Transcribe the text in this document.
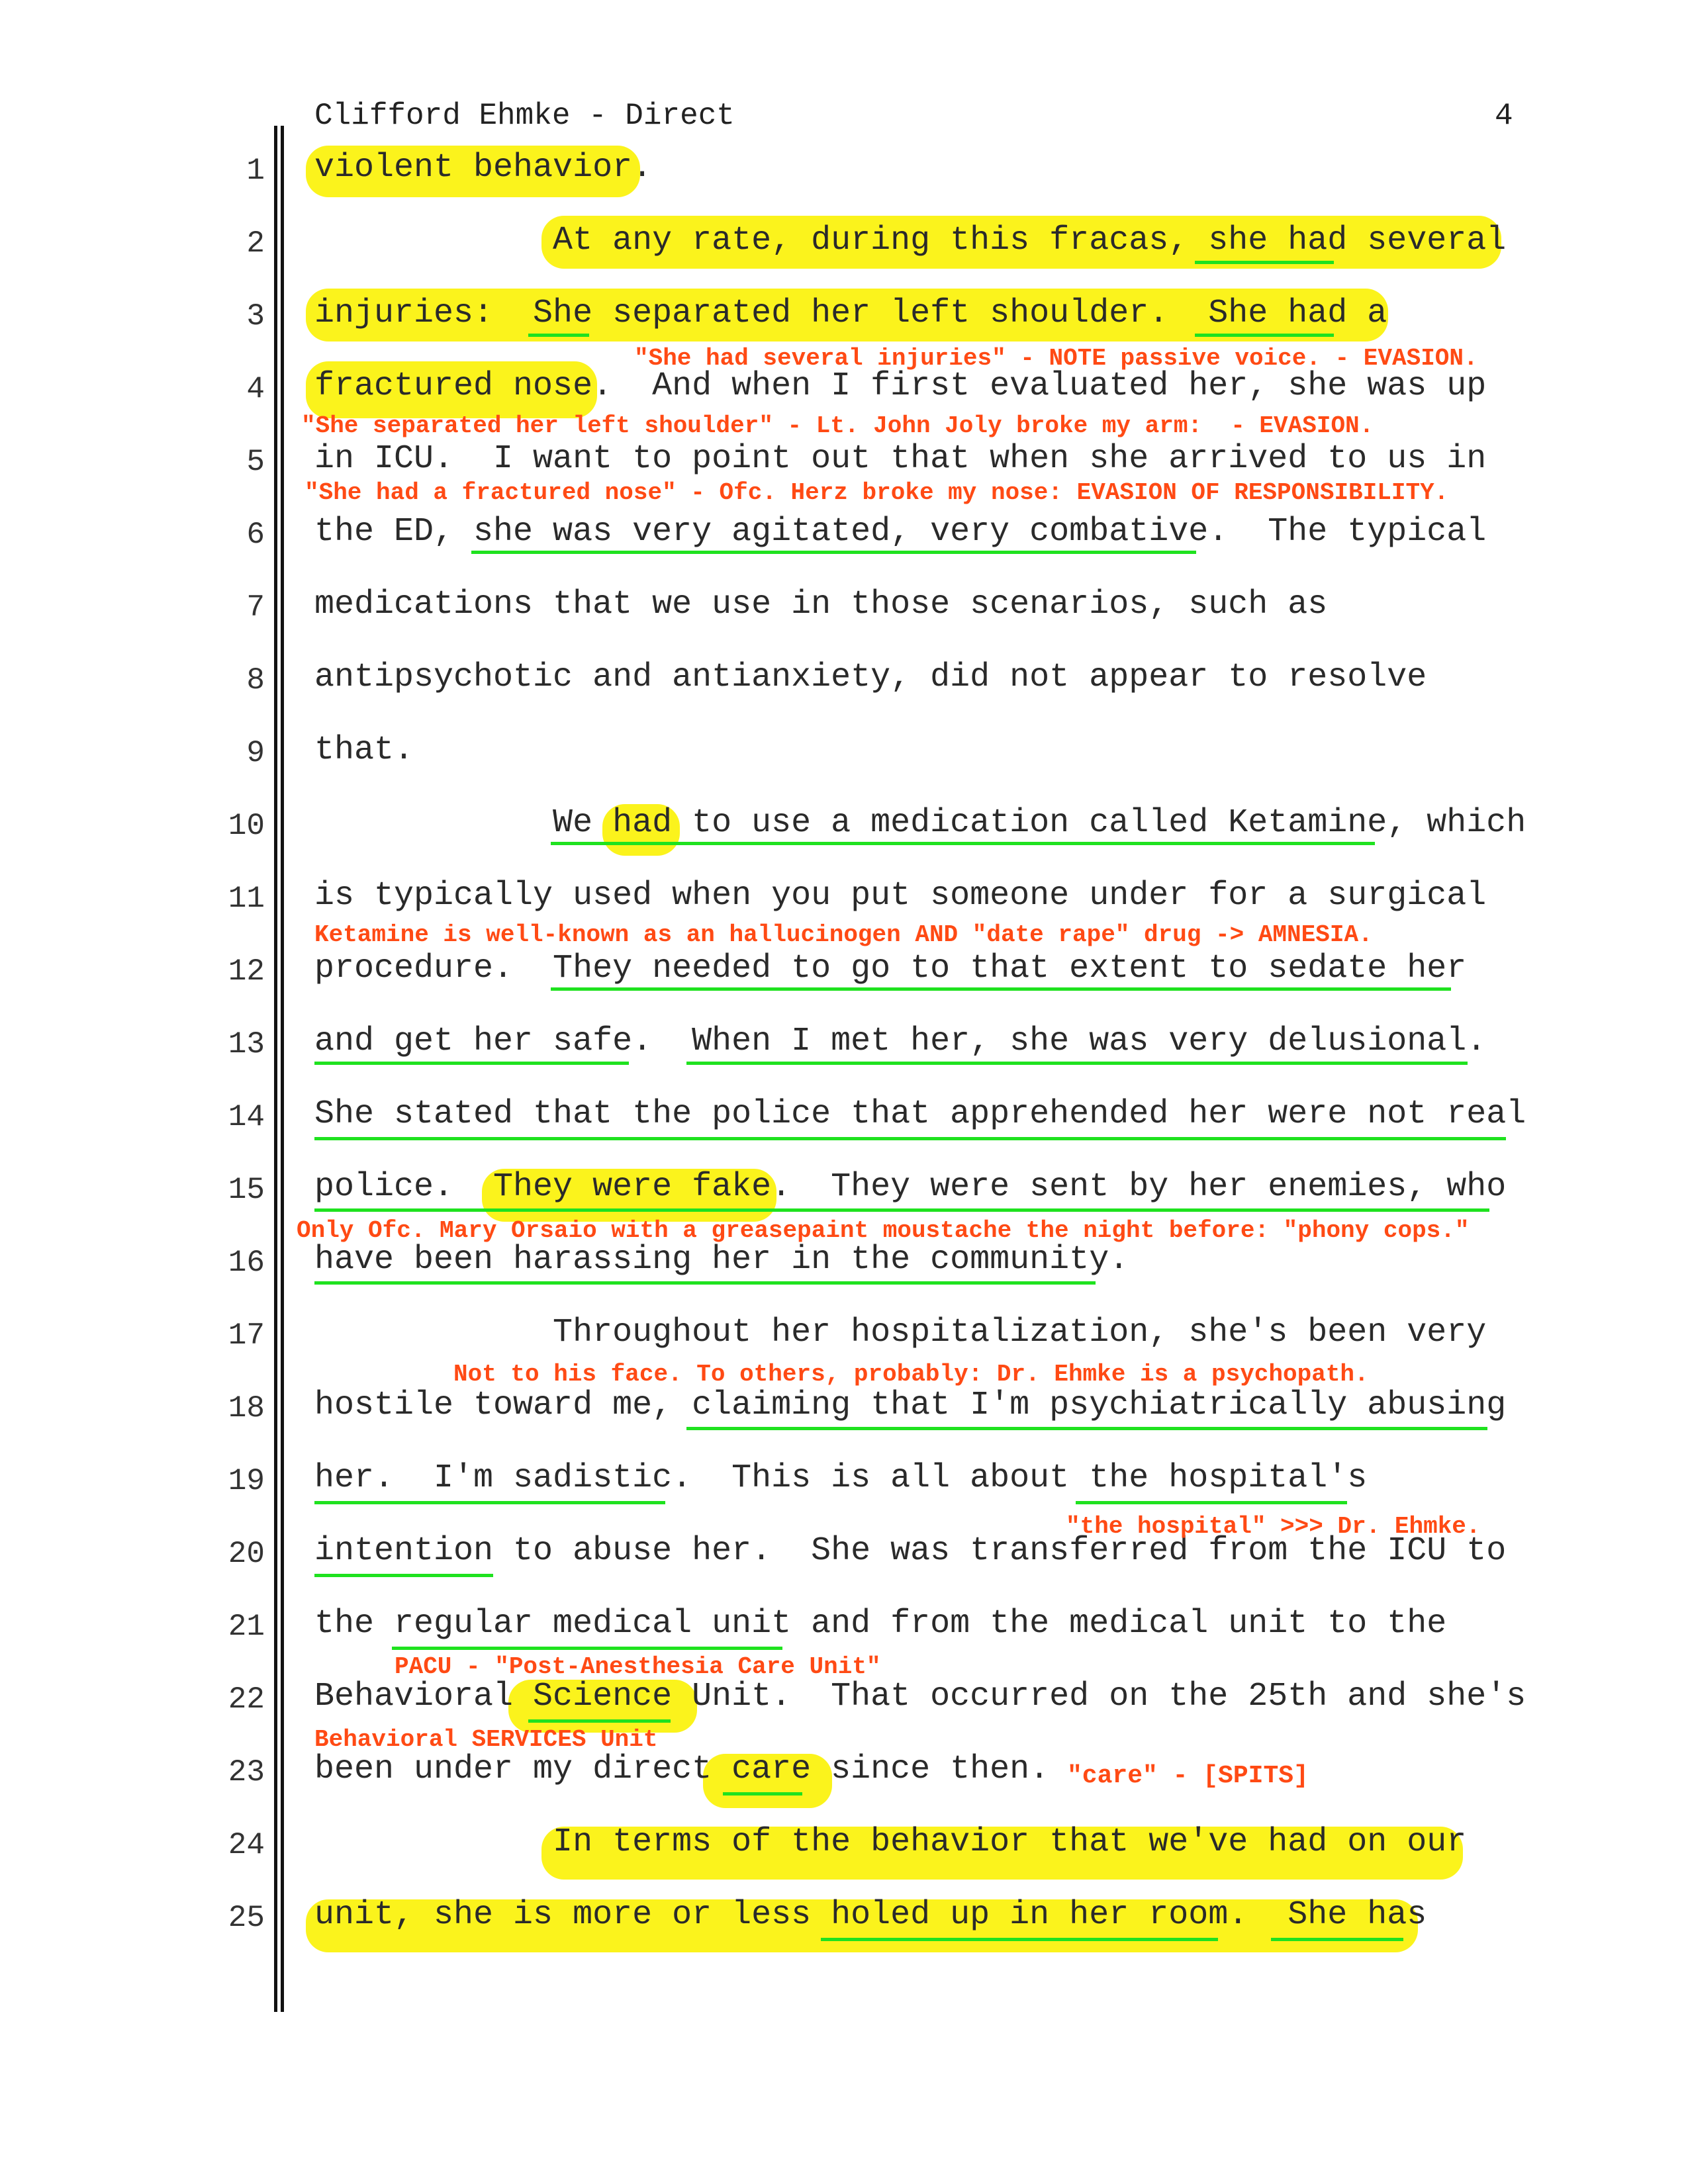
Clifford Ehmke - Direct	4
1
2
3
4
5
6
7
8
9
10
11
12
13
14
15
16
17
18
19
20
21
22
23
24
25
violent behavior.
At any rate, during this fracas, she had several
injuries:  She separated her left shoulder.  She had a
fractured nose.  And when I first evaluated her, she was up
in ICU.  I want to point out that when she arrived to us in
the ED, she was very agitated, very combative.  The typical
medications that we use in those scenarios, such as
antipsychotic and antianxiety, did not appear to resolve
that.
We had to use a medication called Ketamine, which
is typically used when you put someone under for a surgical
procedure.  They needed to go to that extent to sedate her
and get her safe.  When I met her, she was very delusional.
She stated that the police that apprehended her were not real
police.  They were fake.  They were sent by her enemies, who
have been harassing her in the community.
Throughout her hospitalization, she's been very
hostile toward me, claiming that I'm psychiatrically abusing
her.  I'm sadistic.  This is all about the hospital's
intention to abuse her.  She was transferred from the ICU to
the regular medical unit and from the medical unit to the
Behavioral Science Unit.  That occurred on the 25th and she's
been under my direct care since then.
In terms of the behavior that we've had on our
unit, she is more or less holed up in her room.  She has
"She had several injuries" - NOTE passive voice. - EVASION.
"She separated her left shoulder" - Lt. John Joly broke my arm:  - EVASION.
"She had a fractured nose" - Ofc. Herz broke my nose: EVASION OF RESPONSIBILITY.
Ketamine is well-known as an hallucinogen AND "date rape" drug -> AMNESIA.
Only Ofc. Mary Orsaio with a greasepaint moustache the night before: "phony cops."
Not to his face. To others, probably: Dr. Ehmke is a psychopath.
"the hospital" >>> Dr. Ehmke.
PACU - "Post-Anesthesia Care Unit"
Behavioral SERVICES Unit
"care" - [SPITS]
